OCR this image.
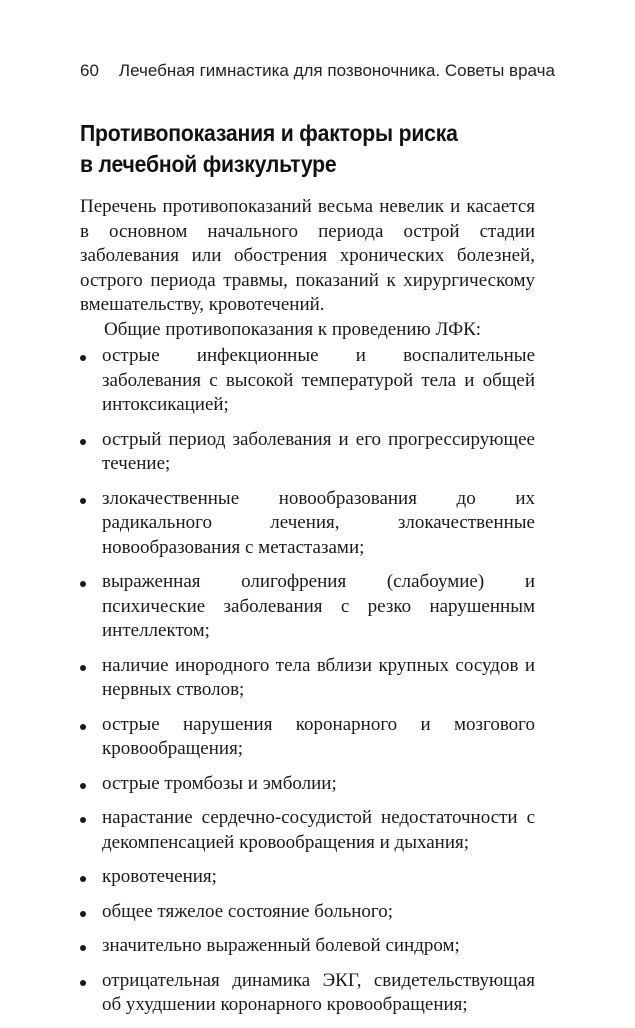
60 Лечебная гимнастика для позвоночника. Советы врача
Противопоказания и факторы риска
в лечебной физкультуре

Перечень противопоказаний весьма невелик и касается в основном начального периода острой стадии заболевания или обострения хронических болезней, острого периода травмы, показаний к хирургическому вмешательству, кровотечений.

Общие противопоказания к проведению ЛФК:

острые инфекционные и воспалительные заболевания с высокой температурой тела и общей интоксикацией;
острый период заболевания и его прогрессирующее течение;
злокачественные новообразования до их радикального лечения, злокачественные новообразования с метастазами;
выраженная олигофрения (слабоумие) и психические заболевания с резко нарушенным интеллектом;
наличие инородного тела вблизи крупных сосудов и нервных стволов;
острые нарушения коронарного и мозгового кровообращения;
острые тромбозы и эмболии;
нарастание сердечно-сосудистой недостаточности с декомпенсацией кровообращения и дыхания;
кровотечения;
общее тяжелое состояние больного;
значительно выраженный болевой синдром;
отрицательная динамика ЭКГ, свидетельствующая об ухудшении коронарного кровообращения;
